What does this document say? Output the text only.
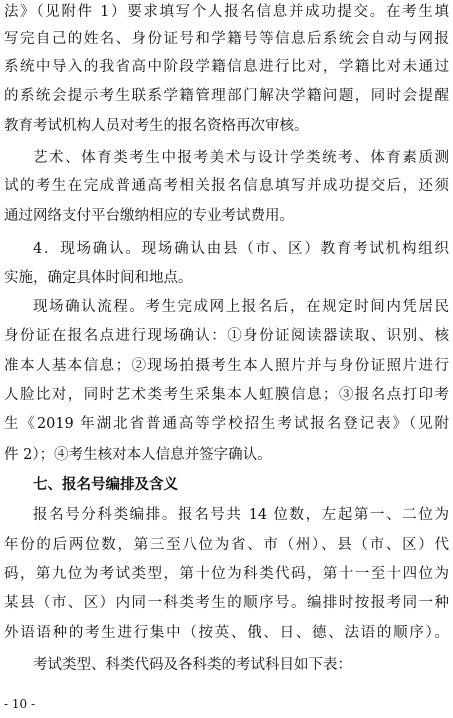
法》（见附件 1）要求填写个人报名信息并成功提交。在考生填
写完自己的姓名、身份证号和学籍号等信息后系统会自动与网报
系统中导入的我省高中阶段学籍信息进行比对，学籍比对未通过
的系统会提示考生联系学籍管理部门解决学籍问题，同时会提醒
教育考试机构人员对考生的报名资格再次审核。
艺术、体育类考生中报考美术与设计学类统考、体育素质测
试的考生在完成普通高考相关报名信息填写并成功提交后，还须
通过网络支付平台缴纳相应的专业考试费用。
4．现场确认。现场确认由县（市、区）教育考试机构组织
实施，确定具体时间和地点。
现场确认流程。考生完成网上报名后，在规定时间内凭居民
身份证在报名点进行现场确认：①身份证阅读器读取、识别、核
准本人基本信息；②现场拍摄考生本人照片并与身份证照片进行
人脸比对，同时艺术类考生采集本人虹膜信息；③报名点打印考
生《2019 年湖北省普通高等学校招生考试报名登记表》（见附
件 2）；④考生核对本人信息并签字确认。
七、报名号编排及含义
报名号分科类编排。报名号共 14 位数，左起第一、二位为
年份的后两位数，第三至八位为省、市（州）、县（市、区）代
码，第九位为考试类型，第十位为科类代码，第十一至十四位为
某县（市、区）内同一科类考生的顺序号。编排时按报考同一种
外语语种的考生进行集中（按英、俄、日、德、法语的顺序）。
考试类型、科类代码及各科类的考试科目如下表：
- 10 -
